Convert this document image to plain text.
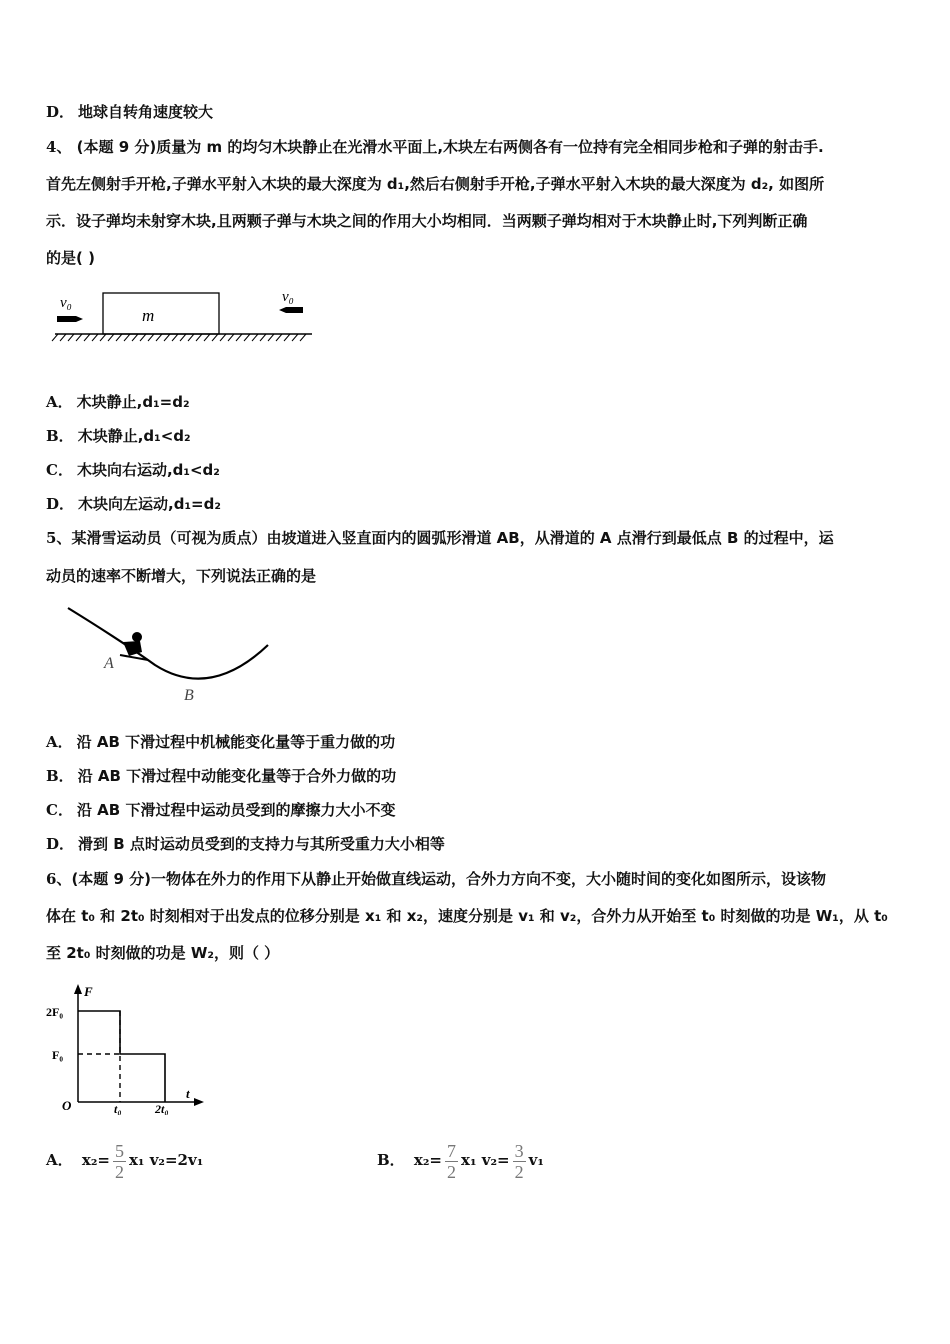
D． 地球自转角速度较大
4、 (本题 9 分)质量为 m 的均匀木块静止在光滑水平面上,木块左右两侧各有一位持有完全相同步枪和子弹的射击手.
首先左侧射手开枪,子弹水平射入木块的最大深度为 d₁,然后右侧射手开枪,子弹水平射入木块的最大深度为 d₂, 如图所
示．设子弹均未射穿木块,且两颗子弹与木块之间的作用大小均相同．当两颗子弹均相对于木块静止时,下列判断正确
的是( )
m
v₀	v₀
A． 木块静止,d₁=d₂
B． 木块静止,d₁<d₂
C． 木块向右运动,d₁<d₂
D． 木块向左运动,d₁=d₂
5、某滑雪运动员（可视为质点）由坡道进入竖直面内的圆弧形滑道 AB，从滑道的 A 点滑行到最低点 B 的过程中，运
动员的速率不断增大，下列说法正确的是
A
B
A． 沿 AB 下滑过程中机械能变化量等于重力做的功
B． 沿 AB 下滑过程中动能变化量等于合外力做的功
C． 沿 AB 下滑过程中运动员受到的摩擦力大小不变
D． 滑到 B 点时运动员受到的支持力与其所受重力大小相等
6、(本题 9 分)一物体在外力的作用下从静止开始做直线运动，合外力方向不变，大小随时间的变化如图所示，设该物
体在 t₀ 和 2t₀ 时刻相对于出发点的位移分别是 x₁ 和 x₂，速度分别是 v₁ 和 v₂，合外力从开始至 t₀ 时刻做的功是 W₁，从 t₀
至 2t₀ 时刻做的功是 W₂，则（ ）
F
t
O
2F₀
F₀
t₀	2t₀
A． $x_2= \frac{5}{2} x_1$ v₂=2v₁	B． $x_2= \frac{7}{2} x_1$ $v_2= \frac{3}{2} v_1$
